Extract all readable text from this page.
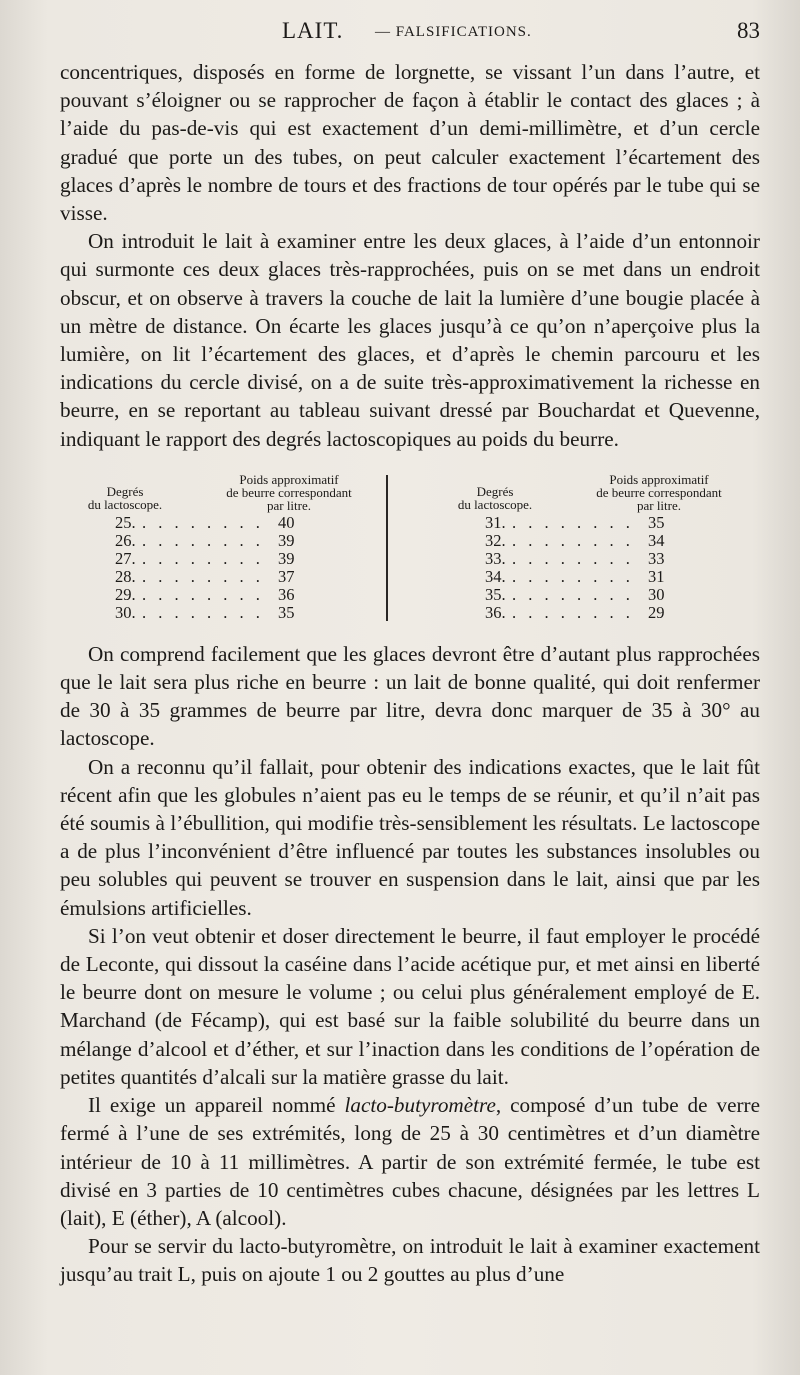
LAIT. — FALSIFICATIONS.	83

concentriques, disposés en forme de lorgnette, se vissant l’un dans l’autre, et pouvant s’éloigner ou se rapprocher de façon à établir le contact des glaces ; à l’aide du pas-de-vis qui est exactement d’un demi-millimètre, et d’un cercle gradué que porte un des tubes, on peut calculer exactement l’écartement des glaces d’après le nombre de tours et des fractions de tour opérés par le tube qui se visse.

On introduit le lait à examiner entre les deux glaces, à l’aide d’un entonnoir qui surmonte ces deux glaces très-rapprochées, puis on se met dans un endroit obscur, et on observe à travers la couche de lait la lumière d’une bougie placée à un mètre de distance. On écarte les glaces jusqu’à ce qu’on n’aperçoive plus la lumière, on lit l’écartement des glaces, et d’après le chemin parcouru et les indications du cercle divisé, on a de suite très-approximativement la richesse en beurre, en se reportant au tableau suivant dressé par Bouchardat et Quevenne, indiquant le rapport des degrés lactoscopiques au poids du beurre.

Degrés
du lactoscope.
Poids approximatif
de beurre correspondant
par litre.
25. . . . . . . . . 40
26. . . . . . . . . 39
27. . . . . . . . . 39
28. . . . . . . . . 37
29. . . . . . . . . 36
30. . . . . . . . . 35
Degrés
du lactoscope.
Poids approximatif
de beurre correspondant
par litre.
31. . . . . . . . . 35
32. . . . . . . . . 34
33. . . . . . . . . 33
34. . . . . . . . . 31
35. . . . . . . . . 30
36. . . . . . . . . 29

On comprend facilement que les glaces devront être d’autant plus rapprochées que le lait sera plus riche en beurre : un lait de bonne qualité, qui doit renfermer de 30 à 35 grammes de beurre par litre, devra donc marquer de 35 à 30° au lactoscope.

On a reconnu qu’il fallait, pour obtenir des indications exactes, que le lait fût récent afin que les globules n’aient pas eu le temps de se réunir, et qu’il n’ait pas été soumis à l’ébullition, qui modifie très-sensiblement les résultats. Le lactoscope a de plus l’inconvénient d’être influencé par toutes les substances insolubles ou peu solubles qui peuvent se trouver en suspension dans le lait, ainsi que par les émulsions artificielles.

Si l’on veut obtenir et doser directement le beurre, il faut employer le procédé de Leconte, qui dissout la caséine dans l’acide acétique pur, et met ainsi en liberté le beurre dont on mesure le volume ; ou celui plus généralement employé de E. Marchand (de Fécamp), qui est basé sur la faible solubilité du beurre dans un mélange d’alcool et d’éther, et sur l’inaction dans les conditions de l’opération de petites quantités d’alcali sur la matière grasse du lait.

Il exige un appareil nommé lacto-butyromètre, composé d’un tube de verre fermé à l’une de ses extrémités, long de 25 à 30 centimètres et d’un diamètre intérieur de 10 à 11 millimètres. A partir de son extrémité fermée, le tube est divisé en 3 parties de 10 centimètres cubes chacune, désignées par les lettres L (lait), E (éther), A (alcool).

Pour se servir du lacto-butyromètre, on introduit le lait à examiner exactement jusqu’au trait L, puis on ajoute 1 ou 2 gouttes au plus d’une
